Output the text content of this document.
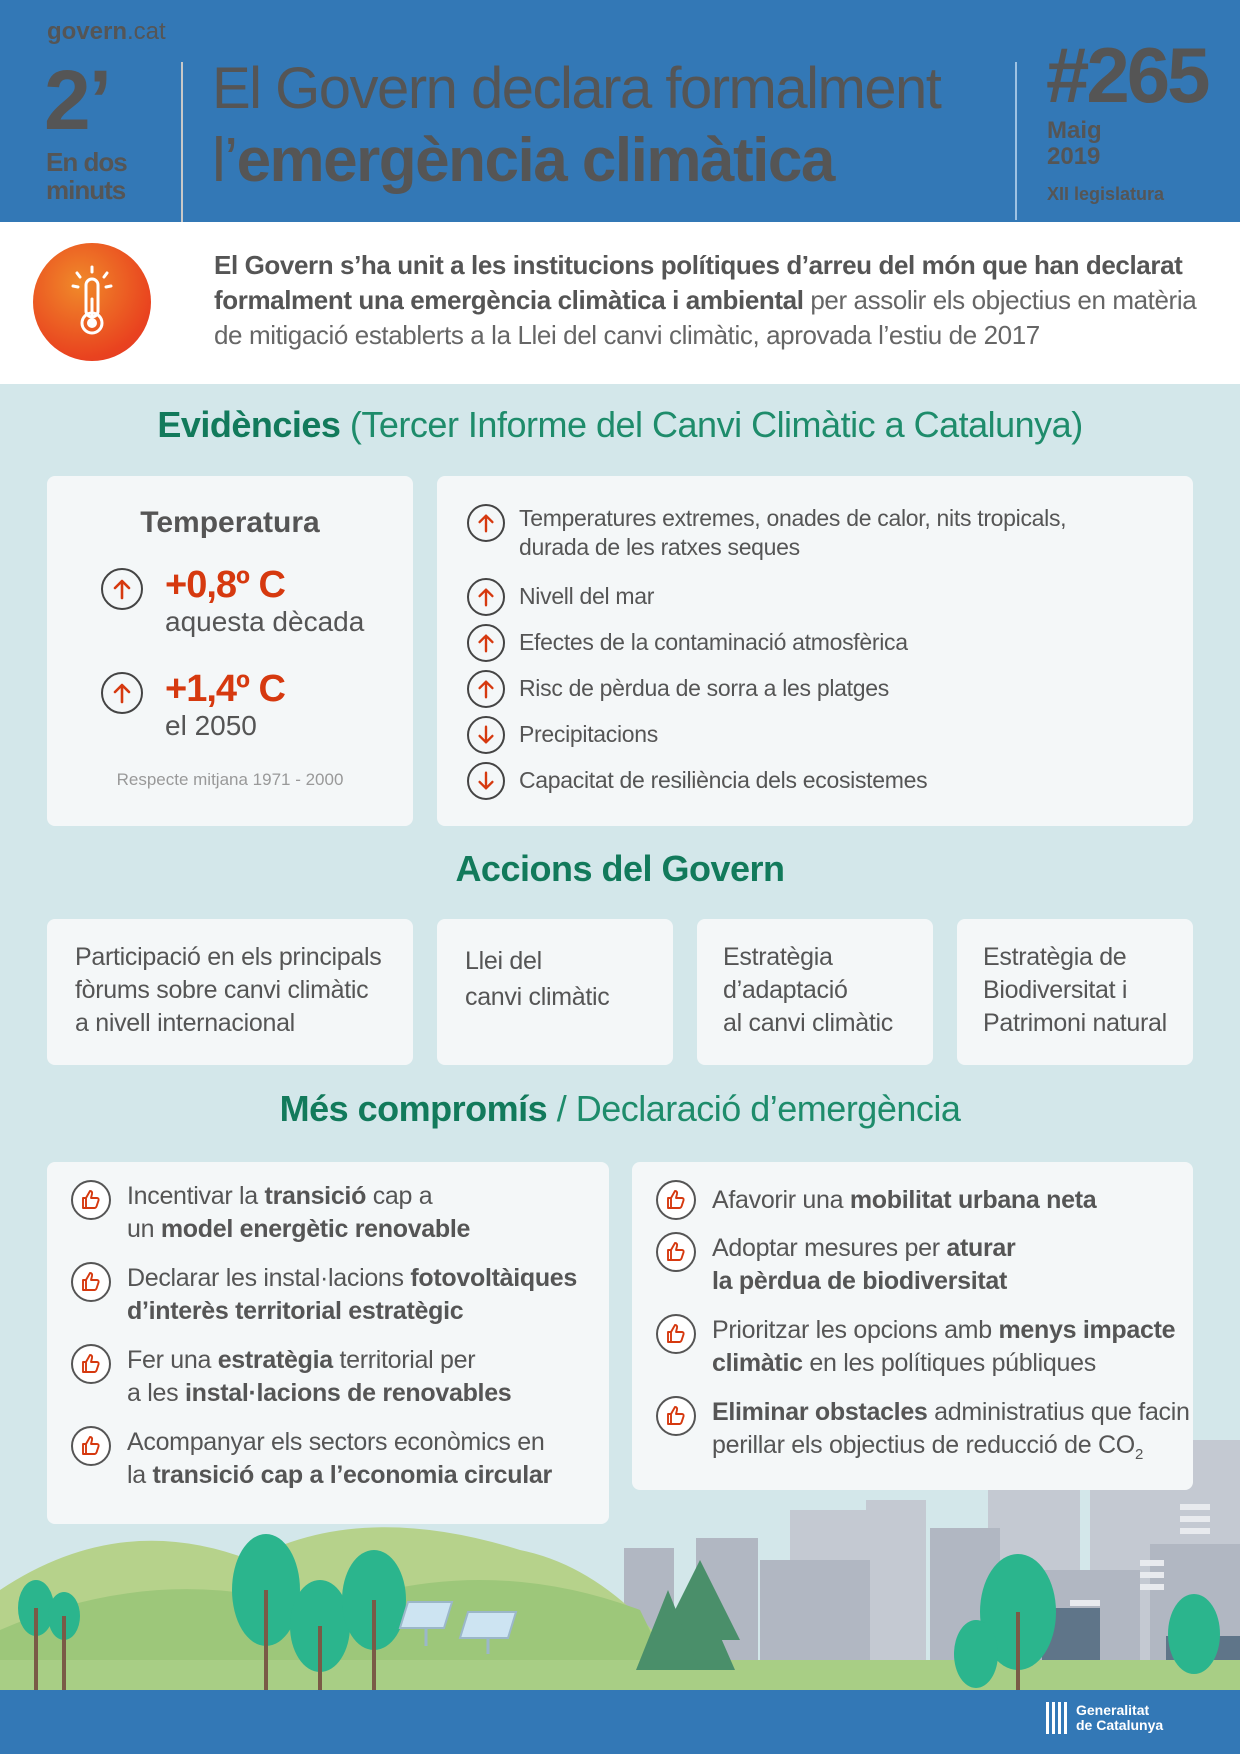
govern.cat
2’
En dos
minuts
El Govern declara formalment
l’emergència climàtica
#265
Maig
2019
XII legislatura
El Govern s’ha unit a les institucions polítiques d’arreu del món que han declarat formalment una emergència climàtica i ambiental per assolir els objectius en matèria de mitigació establerts a la Llei del canvi climàtic, aprovada l’estiu de 2017
Evidències (Tercer Informe del Canvi Climàtic a Catalunya)
Temperatura
+0,8º C
aquesta dècada
+1,4º C
el 2050
Respecte mitjana 1971 - 2000
Temperatures extremes, onades de calor, nits tropicals,
durada de les ratxes seques
Nivell del mar
Efectes de la contaminació atmosfèrica
Risc de pèrdua de sorra a les platges
Precipitacions
Capacitat de resiliència dels ecosistemes
Accions del Govern
Participació en els principals
fòrums sobre canvi climàtic
a nivell internacional
Llei del
canvi climàtic
Estratègia
d’adaptació
al canvi climàtic
Estratègia de
Biodiversitat i
Patrimoni natural
Més compromís / Declaració d’emergència
Incentivar la transició cap a
un model energètic renovable
Declarar les instal·lacions fotovoltàiques
d’interès territorial estratègic
Fer una estratègia territorial per
a les instal·lacions de renovables
Acompanyar els sectors econòmics en
la transició cap a l’economia circular
Afavorir una mobilitat urbana neta
Adoptar mesures per aturar
la pèrdua de biodiversitat
Prioritzar les opcions amb menys impacte
climàtic en les polítiques públiques
Eliminar obstacles administratius que facin
perillar els objectius de reducció de $CO_2$
Generalitat
de Catalunya
